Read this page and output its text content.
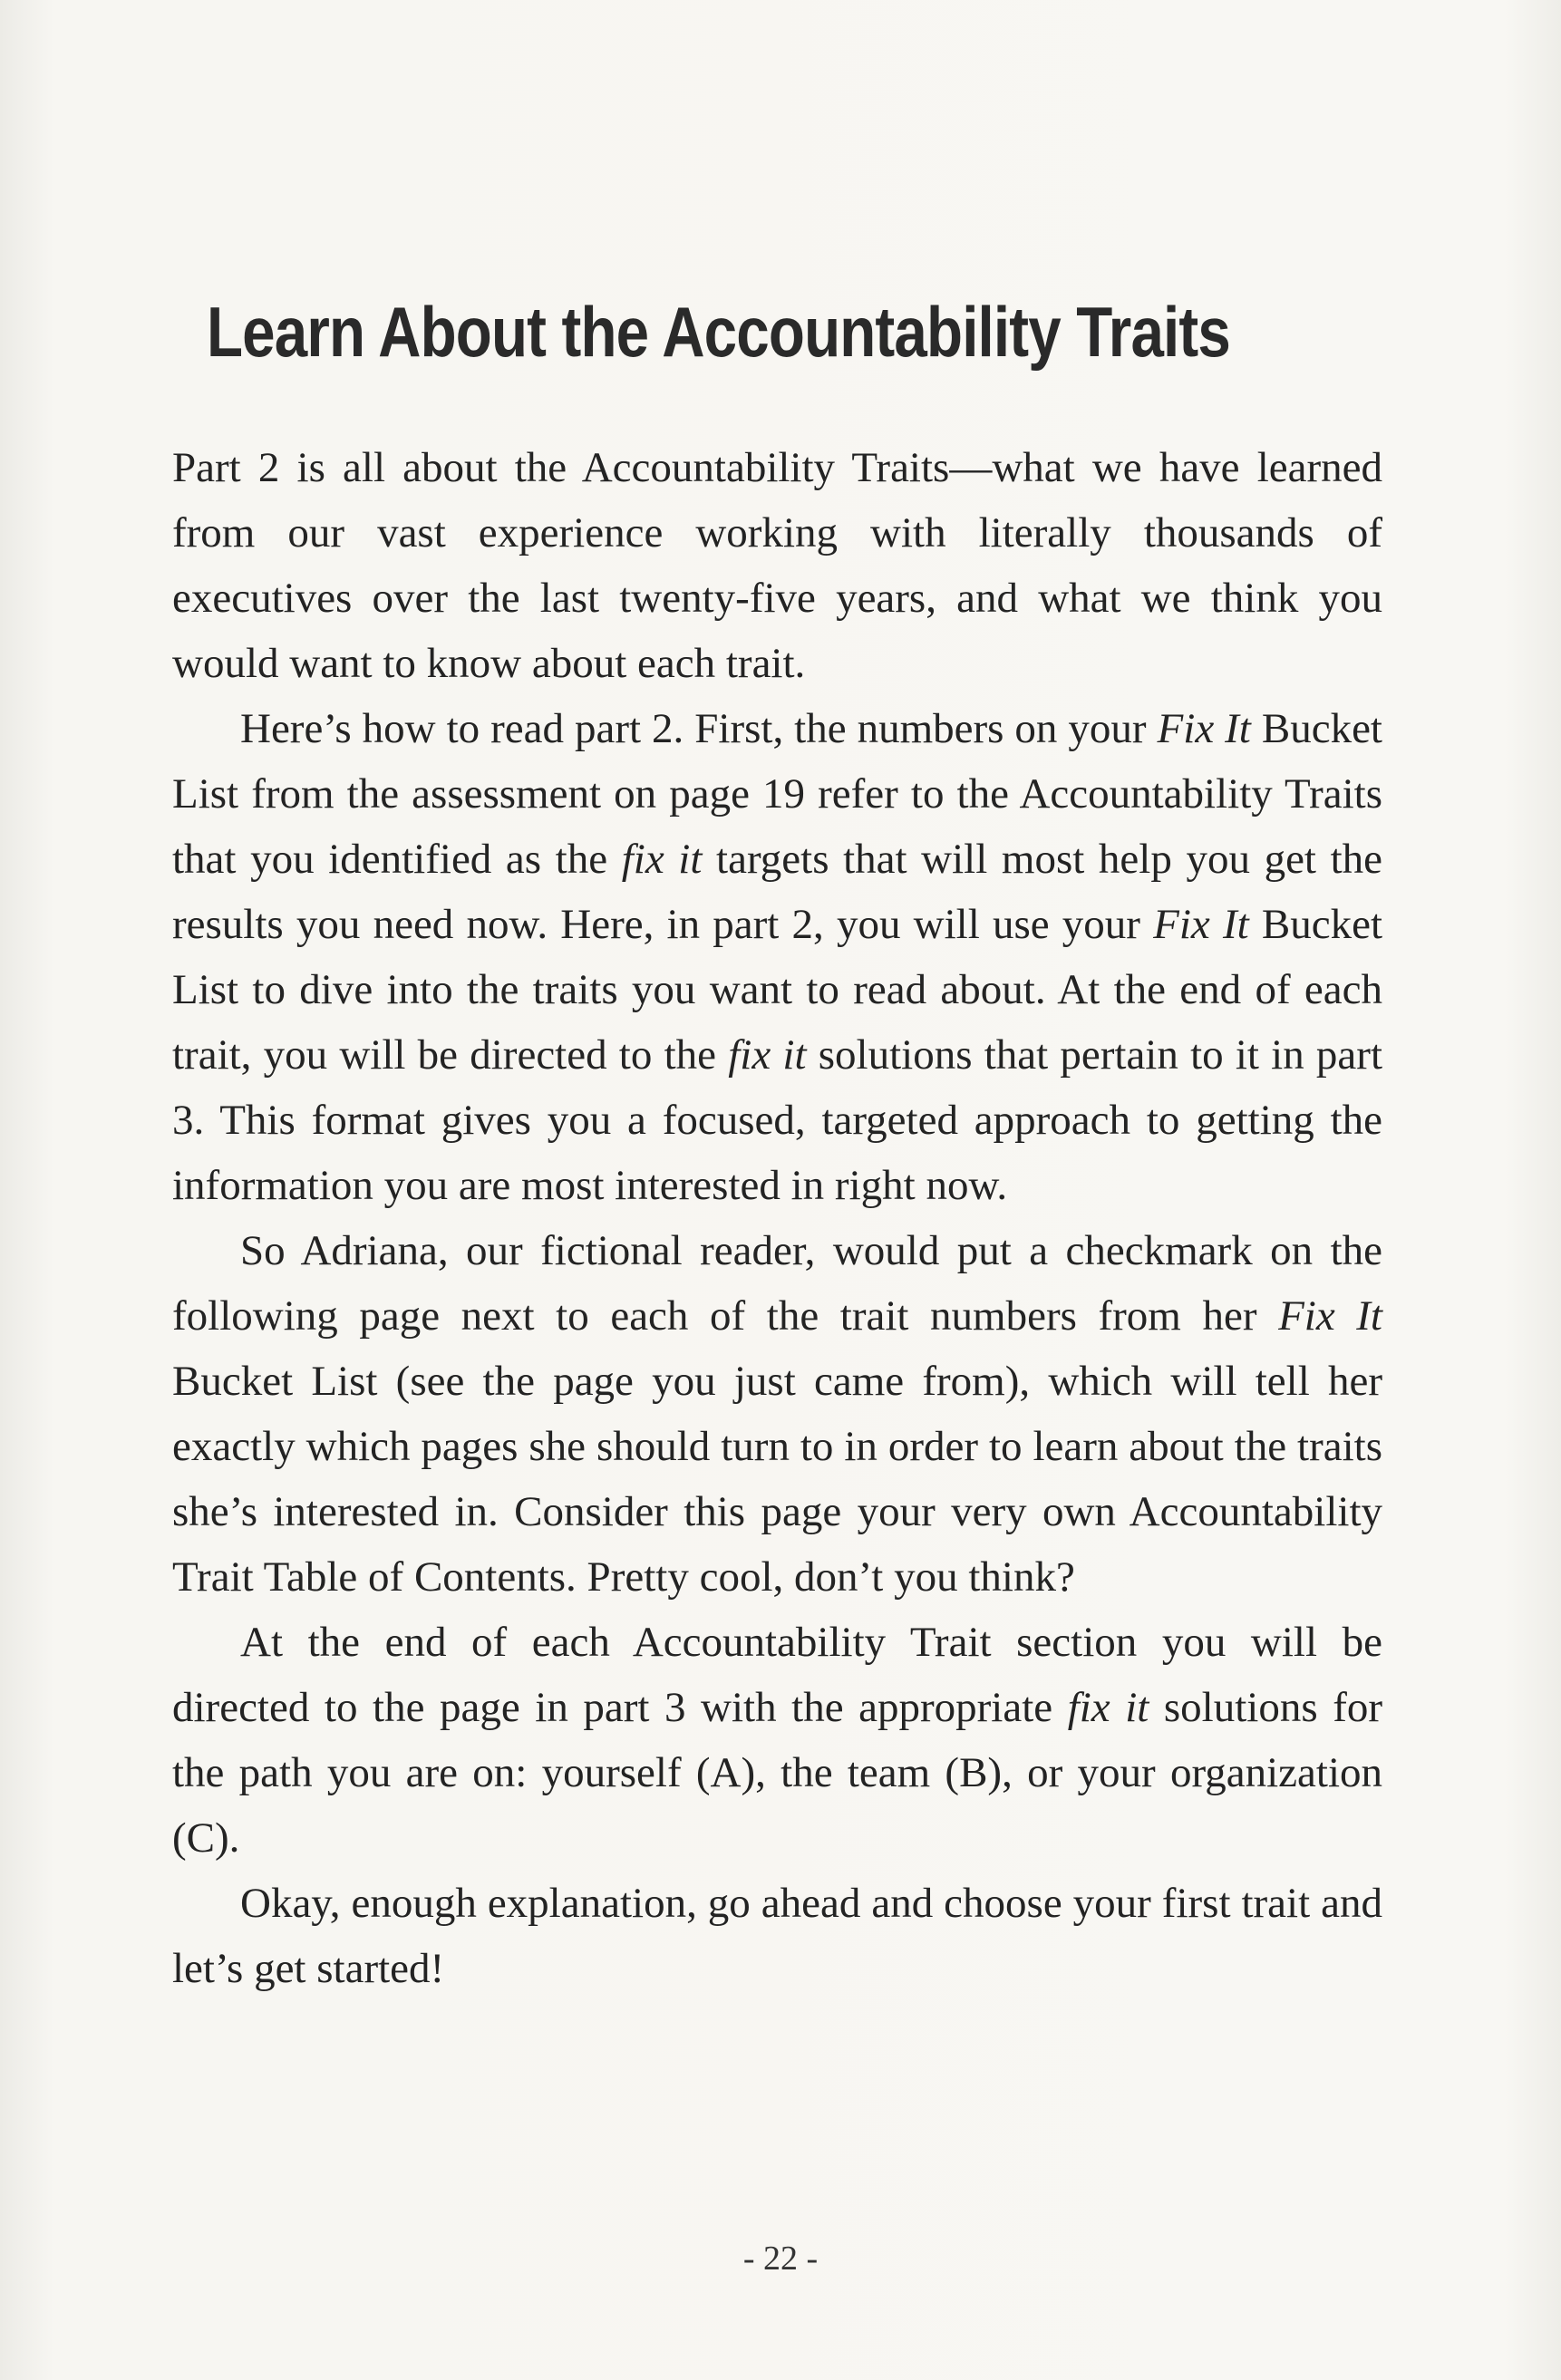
Learn About the Accountability Traits

Part 2 is all about the Accountability Traits—what we have learned from our vast experience working with literally thousands of executives over the last twenty-five years, and what we think you would want to know about each trait.

Here’s how to read part 2. First, the numbers on your Fix It Bucket List from the assessment on page 19 refer to the Accountability Traits that you identified as the fix it targets that will most help you get the results you need now. Here, in part 2, you will use your Fix It Bucket List to dive into the traits you want to read about. At the end of each trait, you will be directed to the fix it solutions that pertain to it in part 3. This format gives you a focused, targeted approach to getting the information you are most interested in right now.

So Adriana, our fictional reader, would put a checkmark on the following page next to each of the trait numbers from her Fix It Bucket List (see the page you just came from), which will tell her exactly which pages she should turn to in order to learn about the traits she’s interested in. Consider this page your very own Accountability Trait Table of Contents. Pretty cool, don’t you think?

At the end of each Accountability Trait section you will be directed to the page in part 3 with the appropriate fix it solutions for the path you are on: yourself (A), the team (B), or your organization (C).

Okay, enough explanation, go ahead and choose your first trait and let’s get started!

- 22 -
